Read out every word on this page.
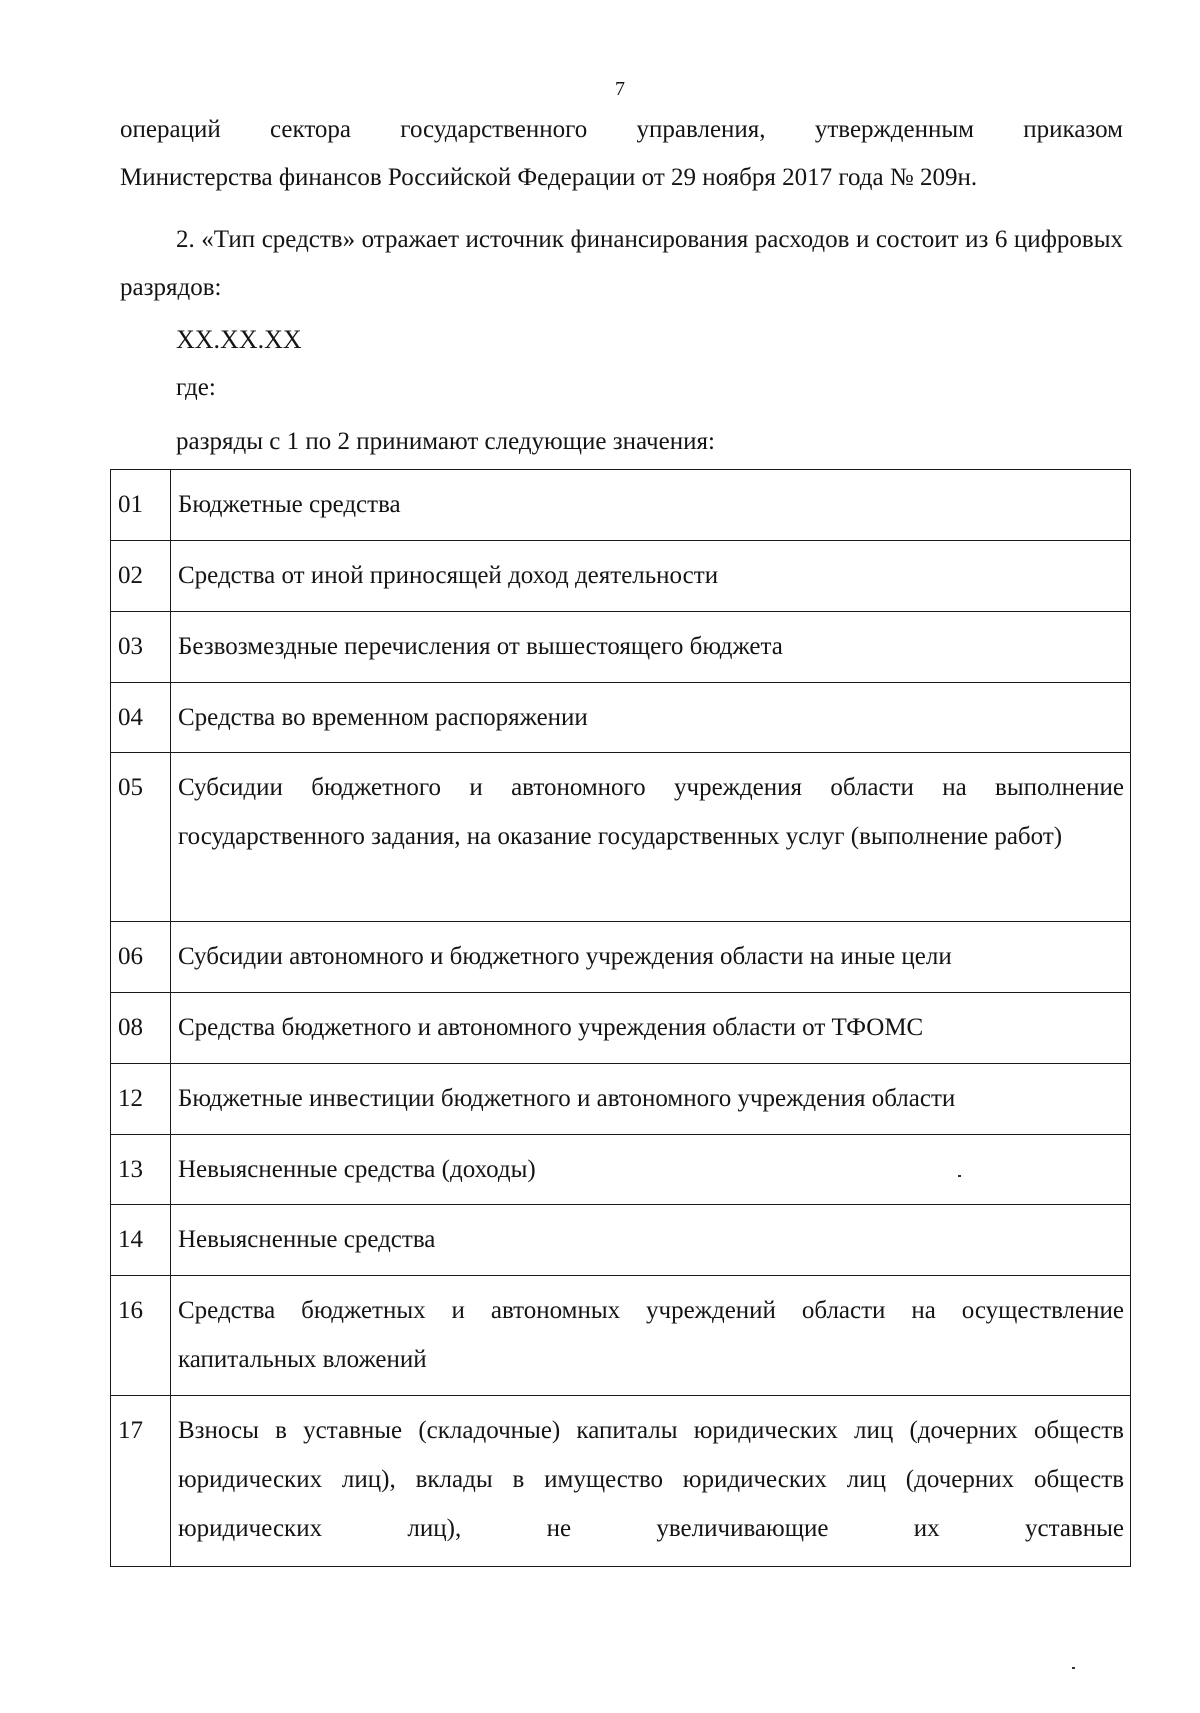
7
операций сектора государственного управления, утвержденным приказом
Министерства финансов Российской Федерации от 29 ноября 2017 года № 209н.
2. «Тип средств» отражает источник финансирования расходов и состоит из 6 цифровых разрядов:
XX.XX.XX
где:
разряды с 1 по 2 принимают следующие значения:
01	Бюджетные средства
02	Средства от иной приносящей доход деятельности
03	Безвозмездные перечисления от вышестоящего бюджета
04	Средства во временном распоряжении
05	Субсидии бюджетного и автономного учреждения области на выполнение государственного задания, на оказание государственных услуг (выполнение работ)
06	Субсидии автономного и бюджетного учреждения области на иные цели
08	Средства бюджетного и автономного учреждения области от ТФОМС
12	Бюджетные инвестиции бюджетного и автономного учреждения области
13	Невыясненные средства (доходы)
14	Невыясненные средства
16	Средства бюджетных и автономных учреждений области на осуществление капитальных вложений
17	Взносы в уставные (складочные) капиталы юридических лиц (дочерних обществ юридических лиц), вклады в имущество юридических лиц (дочерних обществ юридических лиц), не увеличивающие их уставные
